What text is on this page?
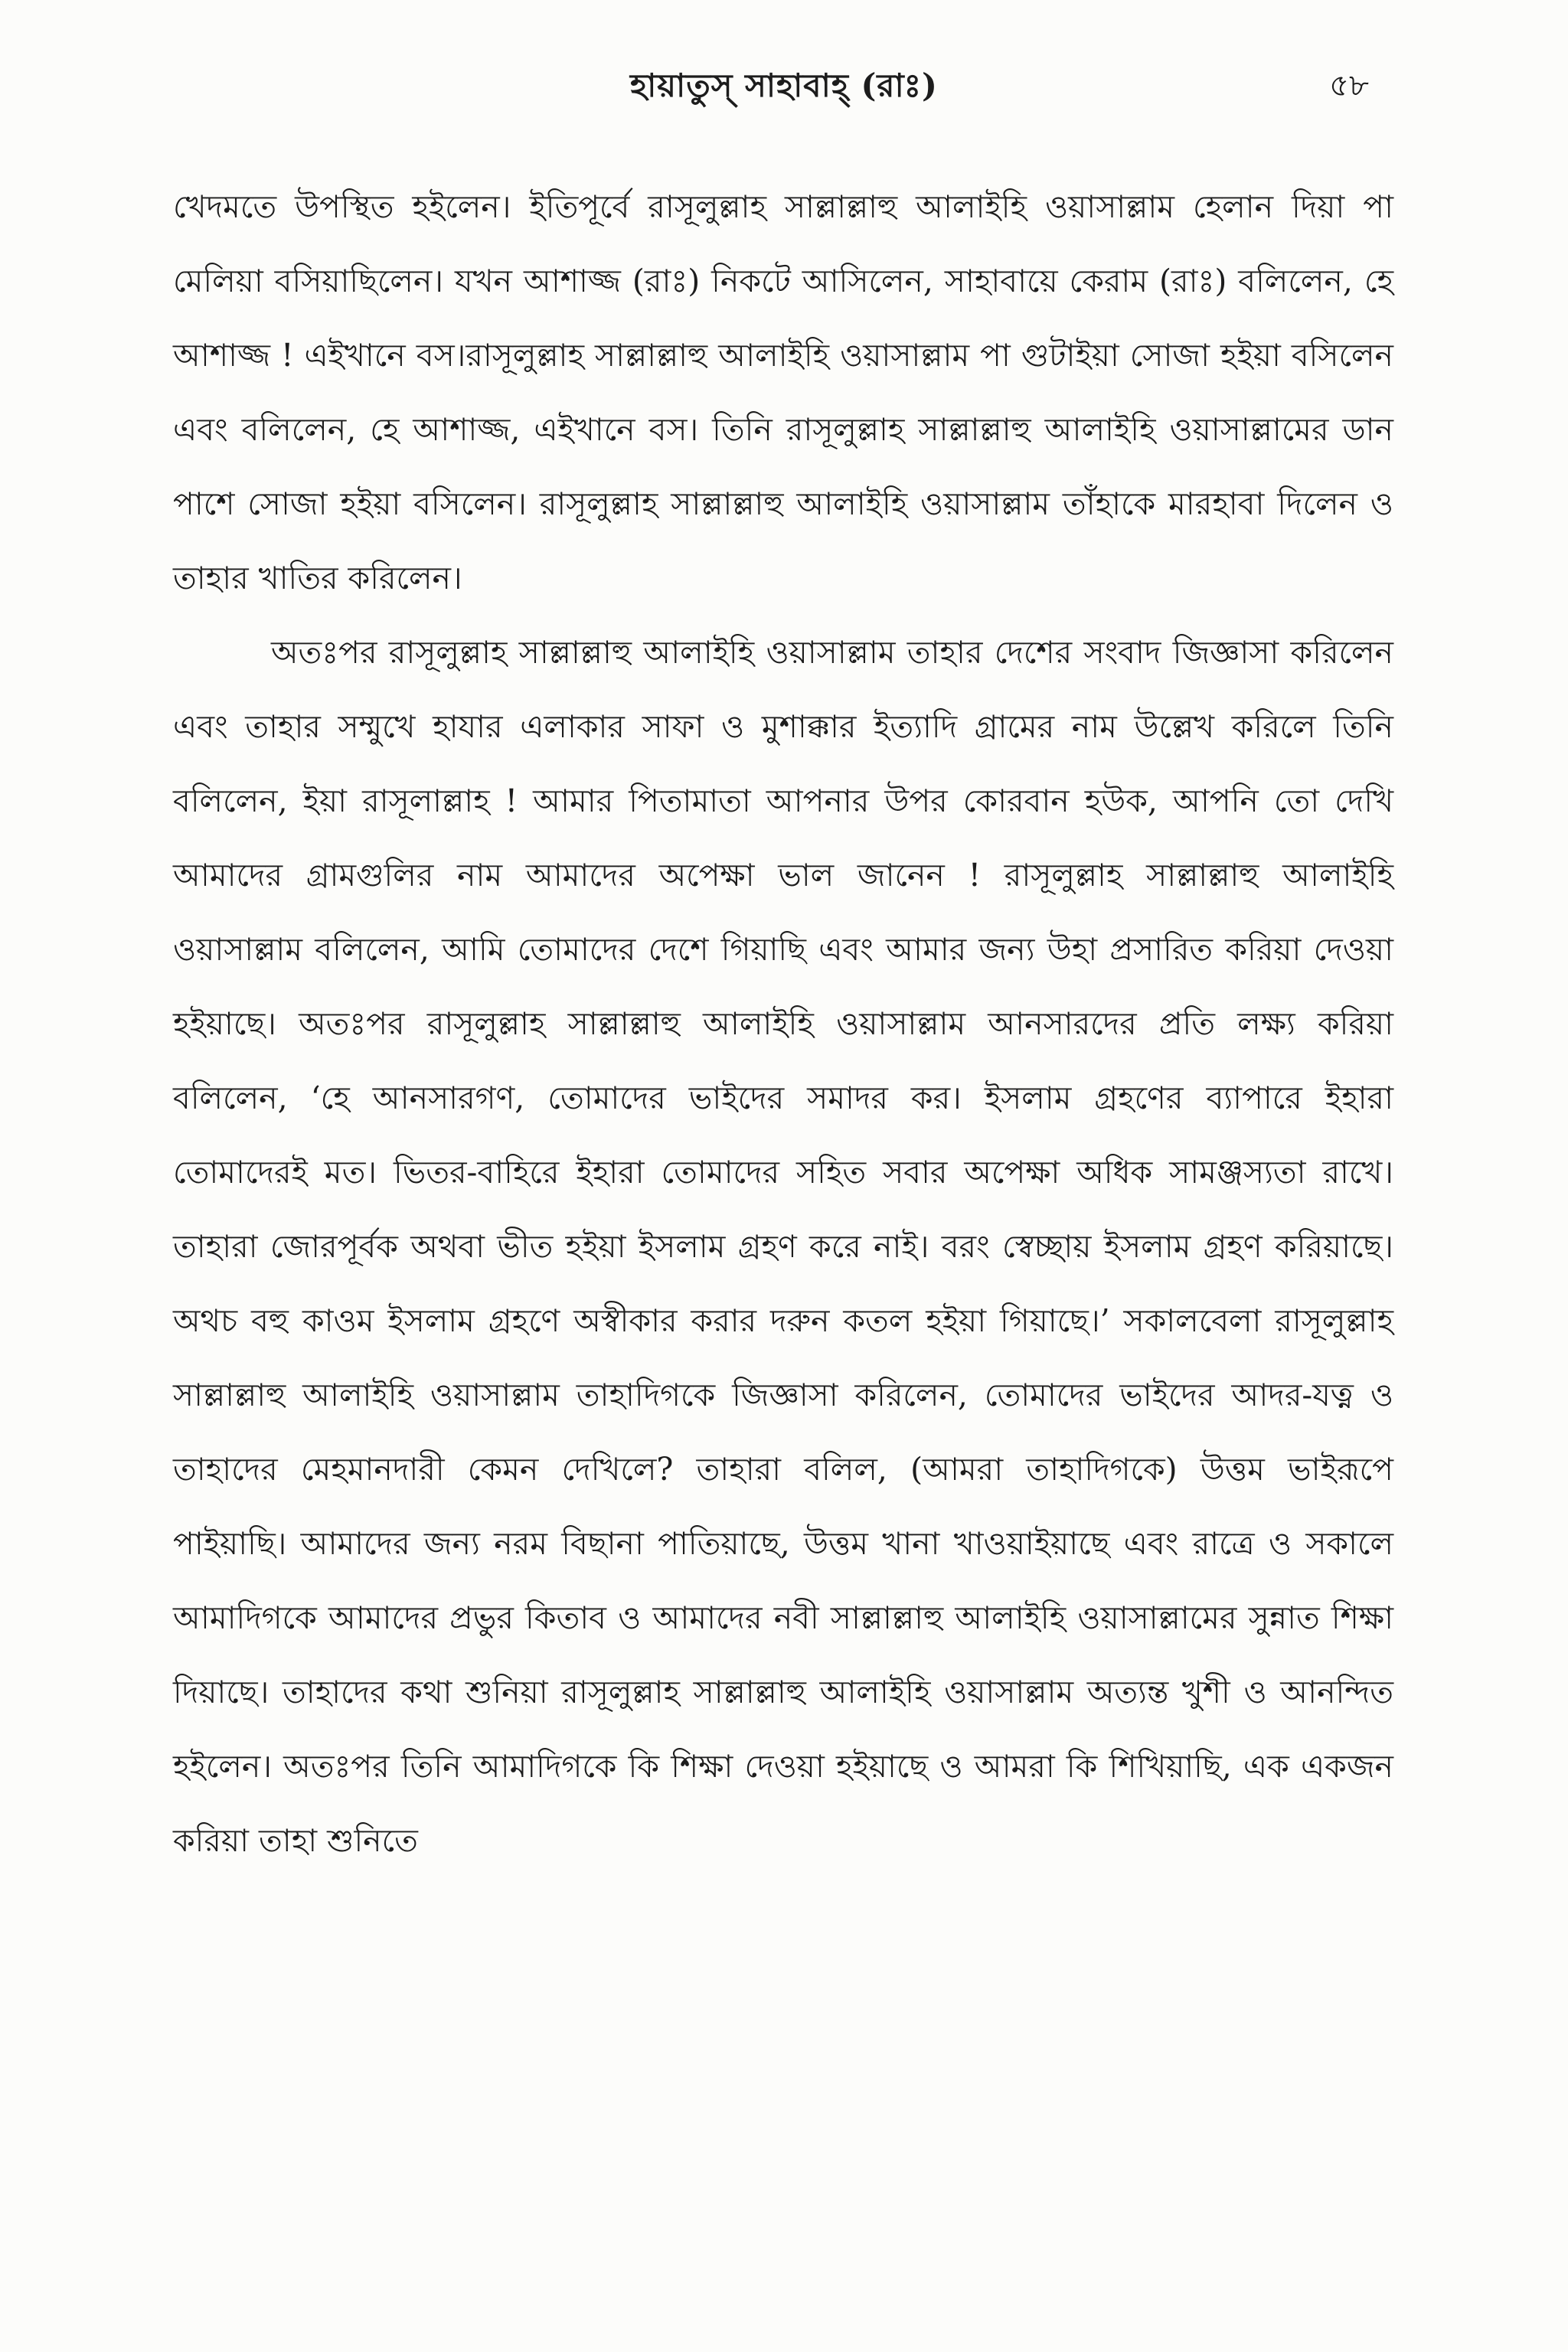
হায়াতুস্ সাহাবাহ্ (রাঃ)	৫৮

খেদমতে উপস্থিত হইলেন। ইতিপূর্বে রাসূলুল্লাহ সাল্লাল্লাহু আলাইহি ওয়াসাল্লাম হেলান দিয়া পা মেলিয়া বসিয়াছিলেন। যখন আশাজ্জ (রাঃ) নিকটে আসিলেন, সাহাবায়ে কেরাম (রাঃ) বলিলেন, হে আশাজ্জ ! এইখানে বস।রাসূলুল্লাহ সাল্লাল্লাহু আলাইহি ওয়াসাল্লাম পা গুটাইয়া সোজা হইয়া বসিলেন এবং বলিলেন, হে আশাজ্জ, এইখানে বস। তিনি রাসূলুল্লাহ সাল্লাল্লাহু আলাইহি ওয়াসাল্লামের ডান পাশে সোজা হইয়া বসিলেন। রাসূলুল্লাহ সাল্লাল্লাহু আলাইহি ওয়াসাল্লাম তাঁহাকে মারহাবা দিলেন ও তাহার খাতির করিলেন।

অতঃপর রাসূলুল্লাহ সাল্লাল্লাহু আলাইহি ওয়াসাল্লাম তাহার দেশের সংবাদ জিজ্ঞাসা করিলেন এবং তাহার সম্মুখে হাযার এলাকার সাফা ও মুশাক্কার ইত্যাদি গ্রামের নাম উল্লেখ করিলে তিনি বলিলেন, ইয়া রাসূলাল্লাহ ! আমার পিতামাতা আপনার উপর কোরবান হউক, আপনি তো দেখি আমাদের গ্রামগুলির নাম আমাদের অপেক্ষা ভাল জানেন ! রাসূলুল্লাহ সাল্লাল্লাহু আলাইহি ওয়াসাল্লাম বলিলেন, আমি তোমাদের দেশে গিয়াছি এবং আমার জন্য উহা প্রসারিত করিয়া দেওয়া হইয়াছে। অতঃপর রাসূলুল্লাহ সাল্লাল্লাহু আলাইহি ওয়াসাল্লাম আনসারদের প্রতি লক্ষ্য করিয়া বলিলেন, ‘হে আনসারগণ, তোমাদের ভাইদের সমাদর কর। ইসলাম গ্রহণের ব্যাপারে ইহারা তোমাদেরই মত। ভিতর-বাহিরে ইহারা তোমাদের সহিত সবার অপেক্ষা অধিক সামঞ্জস্যতা রাখে। তাহারা জোরপূর্বক অথবা ভীত হইয়া ইসলাম গ্রহণ করে নাই। বরং স্বেচ্ছায় ইসলাম গ্রহণ করিয়াছে। অথচ বহু কাওম ইসলাম গ্রহণে অস্বীকার করার দরুন কতল হইয়া গিয়াছে।’ সকালবেলা রাসূলুল্লাহ সাল্লাল্লাহু আলাইহি ওয়াসাল্লাম তাহাদিগকে জিজ্ঞাসা করিলেন, তোমাদের ভাইদের আদর-যত্ন ও তাহাদের মেহমানদারী কেমন দেখিলে? তাহারা বলিল, (আমরা তাহাদিগকে) উত্তম ভাইরূপে পাইয়াছি। আমাদের জন্য নরম বিছানা পাতিয়াছে, উত্তম খানা খাওয়াইয়াছে এবং রাত্রে ও সকালে আমাদিগকে আমাদের প্রভুর কিতাব ও আমাদের নবী সাল্লাল্লাহু আলাইহি ওয়াসাল্লামের সুন্নাত শিক্ষা দিয়াছে। তাহাদের কথা শুনিয়া রাসূলুল্লাহ সাল্লাল্লাহু আলাইহি ওয়াসাল্লাম অত্যন্ত খুশী ও আনন্দিত হইলেন। অতঃপর তিনি আমাদিগকে কি শিক্ষা দেওয়া হইয়াছে ও আমরা কি শিখিয়াছি, এক একজন করিয়া তাহা শুনিতে
